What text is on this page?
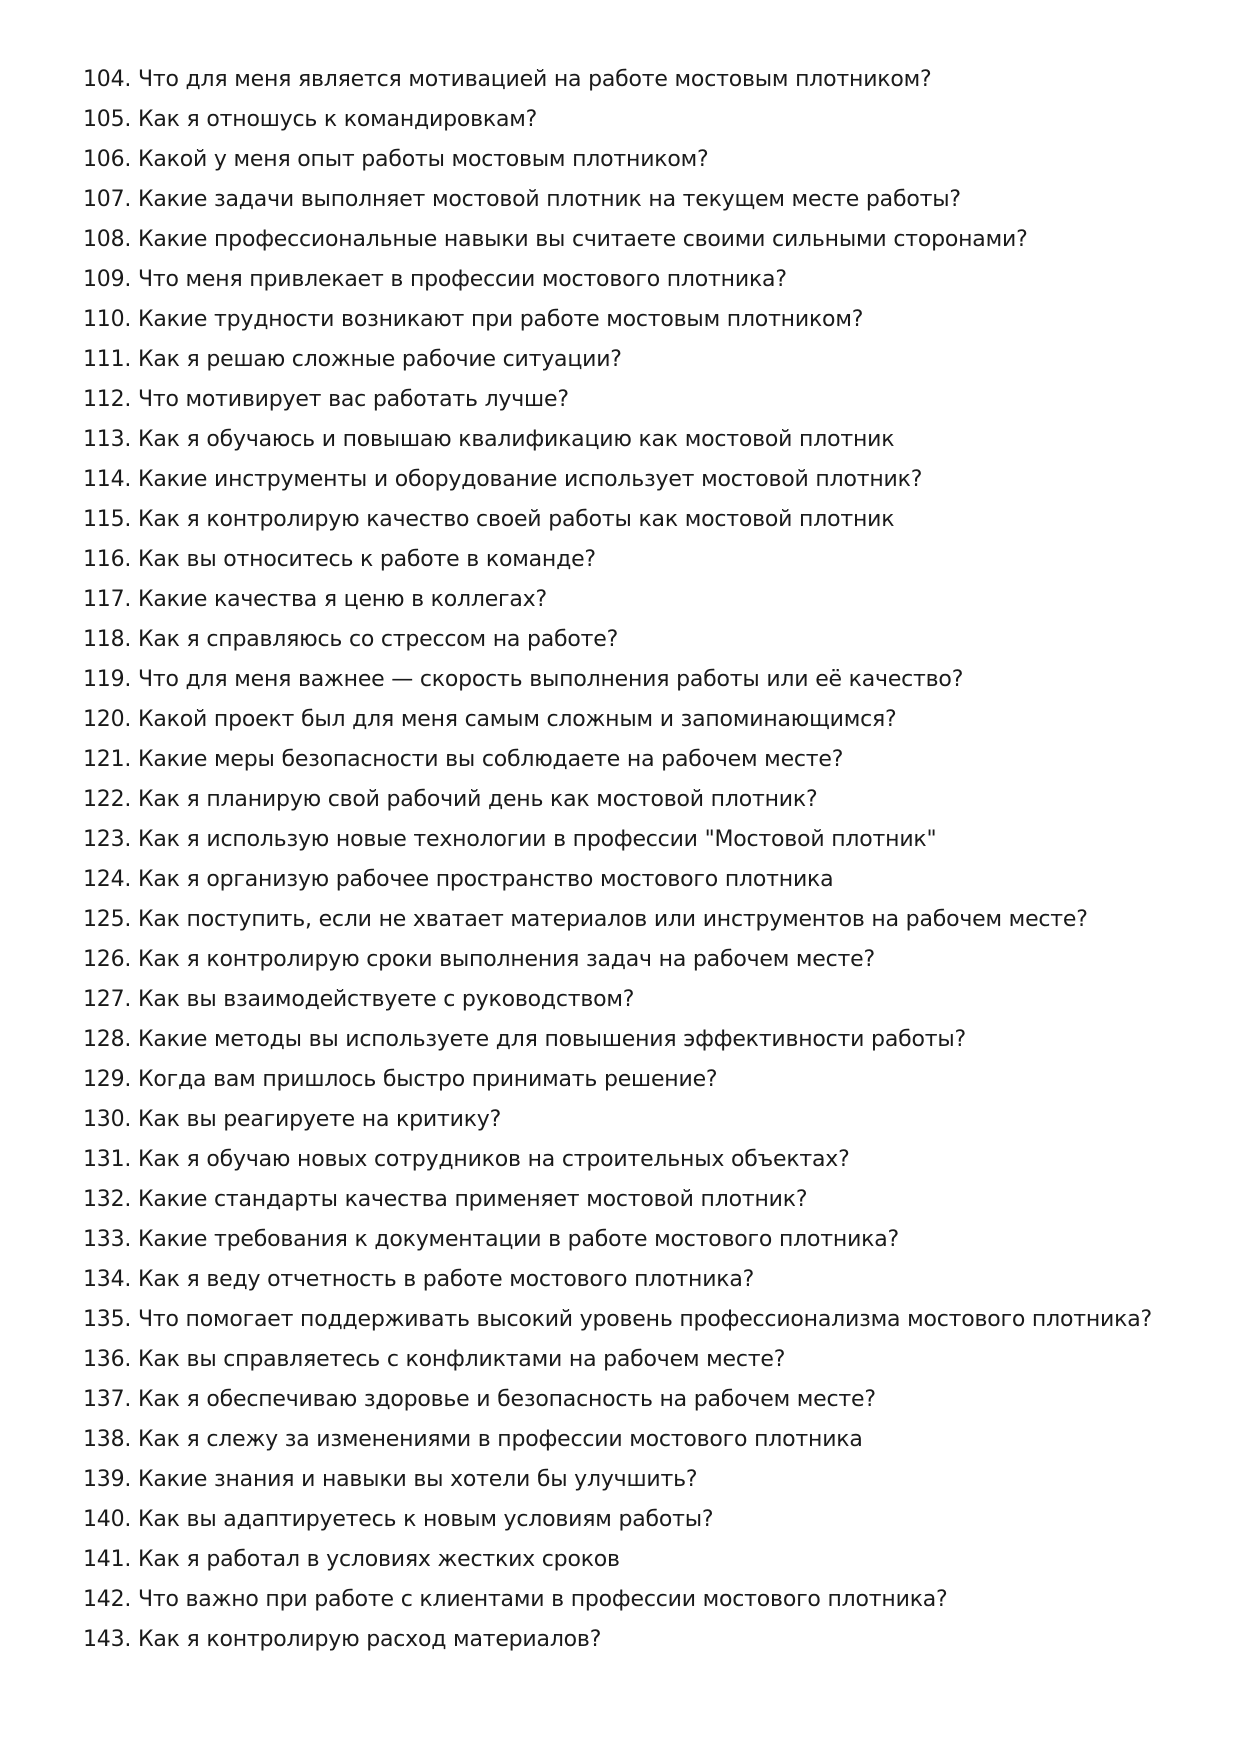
104. Что для меня является мотивацией на работе мостовым плотником?
105. Как я отношусь к командировкам?
106. Какой у меня опыт работы мостовым плотником?
107. Какие задачи выполняет мостовой плотник на текущем месте работы?
108. Какие профессиональные навыки вы считаете своими сильными сторонами?
109. Что меня привлекает в профессии мостового плотника?
110. Какие трудности возникают при работе мостовым плотником?
111. Как я решаю сложные рабочие ситуации?
112. Что мотивирует вас работать лучше?
113. Как я обучаюсь и повышаю квалификацию как мостовой плотник
114. Какие инструменты и оборудование использует мостовой плотник?
115. Как я контролирую качество своей работы как мостовой плотник
116. Как вы относитесь к работе в команде?
117. Какие качества я ценю в коллегах?
118. Как я справляюсь со стрессом на работе?
119. Что для меня важнее — скорость выполнения работы или её качество?
120. Какой проект был для меня самым сложным и запоминающимся?
121. Какие меры безопасности вы соблюдаете на рабочем месте?
122. Как я планирую свой рабочий день как мостовой плотник?
123. Как я использую новые технологии в профессии "Мостовой плотник"
124. Как я организую рабочее пространство мостового плотника
125. Как поступить, если не хватает материалов или инструментов на рабочем месте?
126. Как я контролирую сроки выполнения задач на рабочем месте?
127. Как вы взаимодействуете с руководством?
128. Какие методы вы используете для повышения эффективности работы?
129. Когда вам пришлось быстро принимать решение?
130. Как вы реагируете на критику?
131. Как я обучаю новых сотрудников на строительных объектах?
132. Какие стандарты качества применяет мостовой плотник?
133. Какие требования к документации в работе мостового плотника?
134. Как я веду отчетность в работе мостового плотника?
135. Что помогает поддерживать высокий уровень профессионализма мостового плотника?
136. Как вы справляетесь с конфликтами на рабочем месте?
137. Как я обеспечиваю здоровье и безопасность на рабочем месте?
138. Как я слежу за изменениями в профессии мостового плотника
139. Какие знания и навыки вы хотели бы улучшить?
140. Как вы адаптируетесь к новым условиям работы?
141. Как я работал в условиях жестких сроков
142. Что важно при работе с клиентами в профессии мостового плотника?
143. Как я контролирую расход материалов?
